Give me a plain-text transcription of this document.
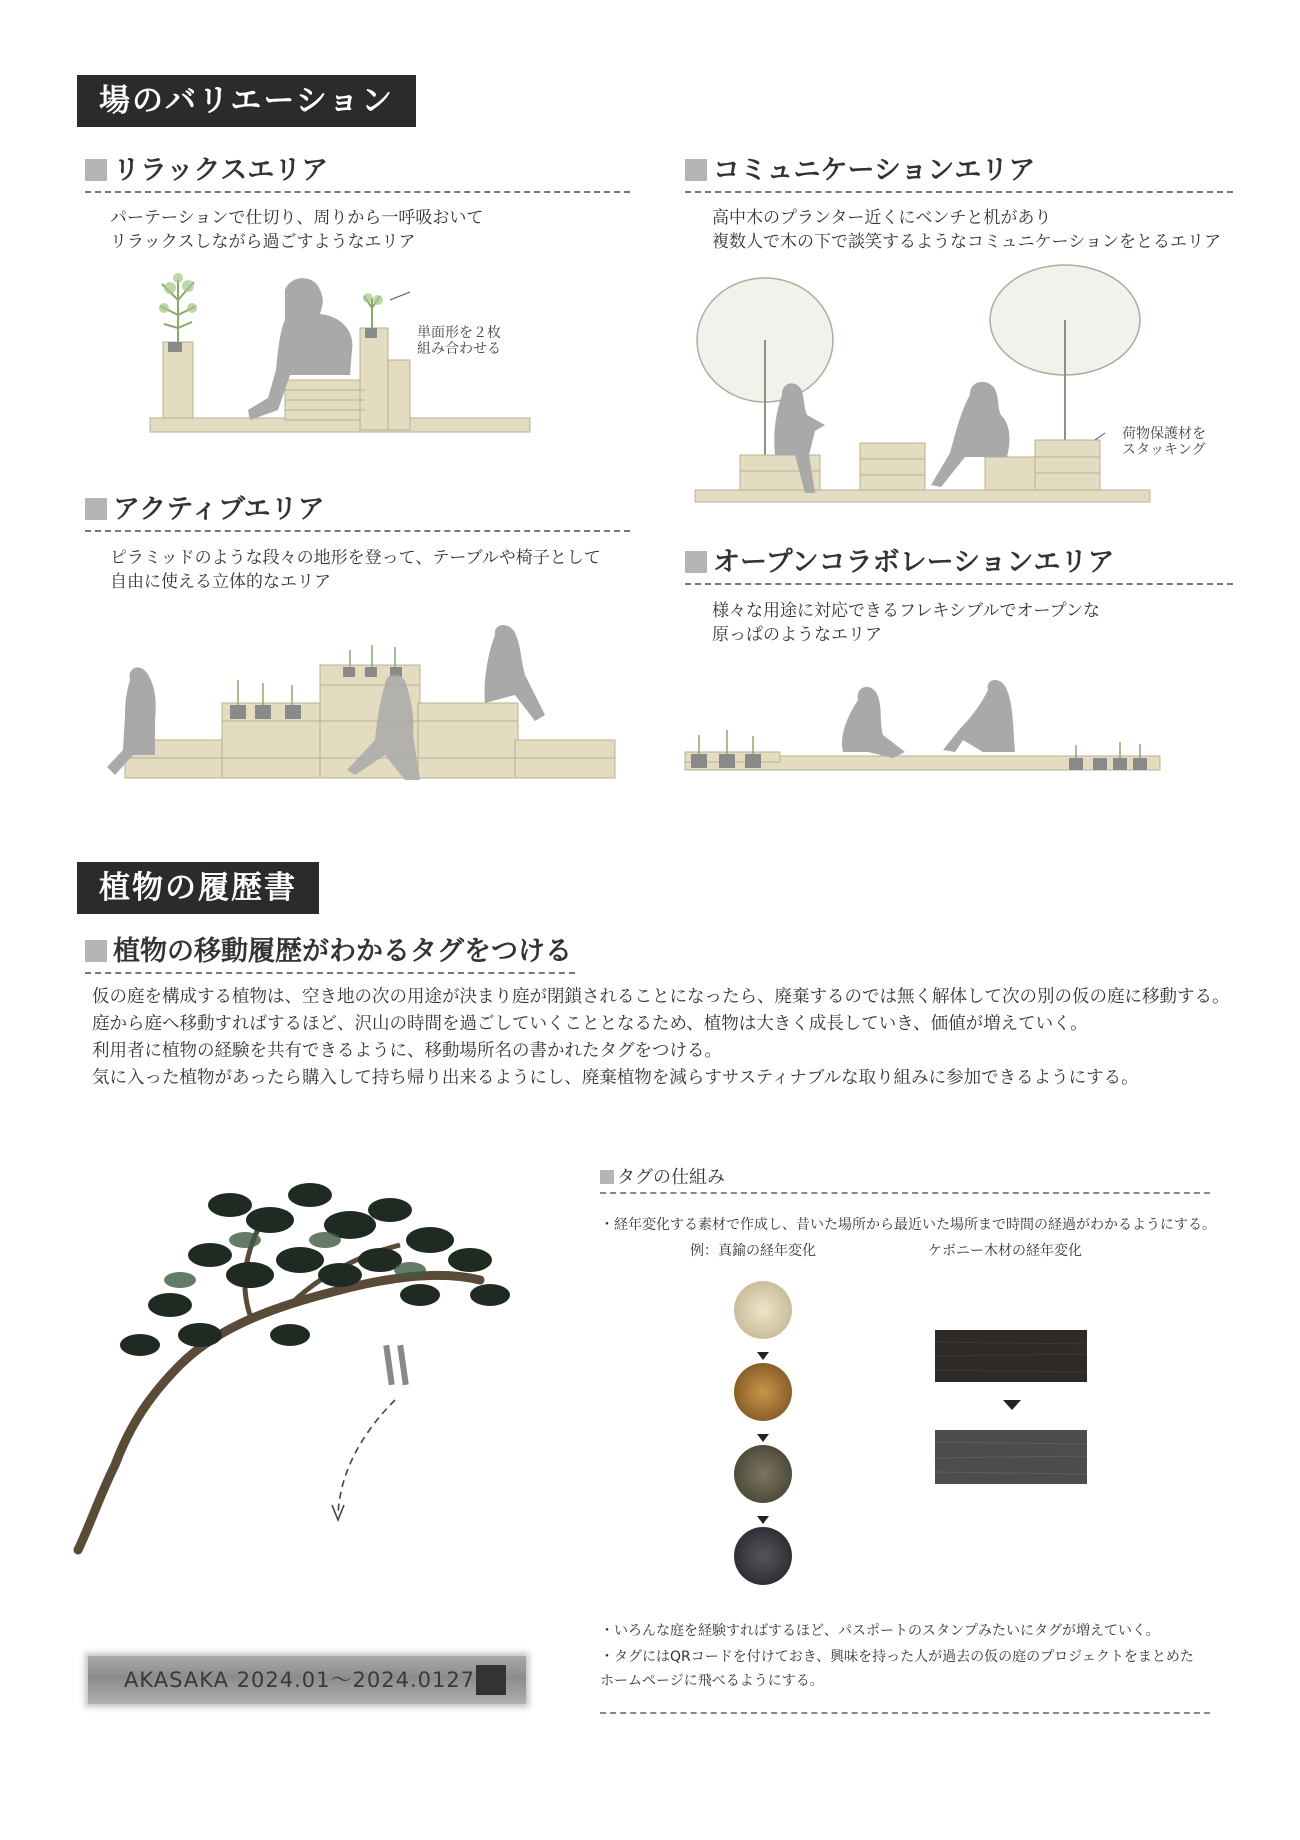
場のバリエーション
リラックスエリア
パーテーションで仕切り、周りから一呼吸おいて
リラックスしながら過ごすようなエリア
単面形を２枚
組み合わせる
コミュニケーションエリア
高中木のプランター近くにベンチと机があり
複数人で木の下で談笑するようなコミュニケーションをとるエリア
荷物保護材を
スタッキング
アクティブエリア
ピラミッドのような段々の地形を登って、テーブルや椅子として
自由に使える立体的なエリア
オープンコラボレーションエリア
様々な用途に対応できるフレキシブルでオープンな
原っぱのようなエリア
植物の履歴書
植物の移動履歴がわかるタグをつける
仮の庭を構成する植物は、空き地の次の用途が決まり庭が閉鎖されることになったら、廃棄するのでは無く解体して次の別の仮の庭に移動する。
庭から庭へ移動すればするほど、沢山の時間を過ごしていくこととなるため、植物は大きく成長していき、価値が増えていく。
利用者に植物の経験を共有できるように、移動場所名の書かれたタグをつける。
気に入った植物があったら購入して持ち帰り出来るようにし、廃棄植物を減らすサスティナブルな取り組みに参加できるようにする。
AKASAKA 2024.01～2024.0127
タグの仕組み
・経年変化する素材で作成し、昔いた場所から最近いた場所まで時間の経過がわかるようにする。
例：真鍮の経年変化	ケボニー木材の経年変化
・いろんな庭を経験すればするほど、パスポートのスタンプみたいにタグが増えていく。
・タグにはQRコードを付けておき、興味を持った人が過去の仮の庭のプロジェクトをまとめた
ホームページに飛べるようにする。
